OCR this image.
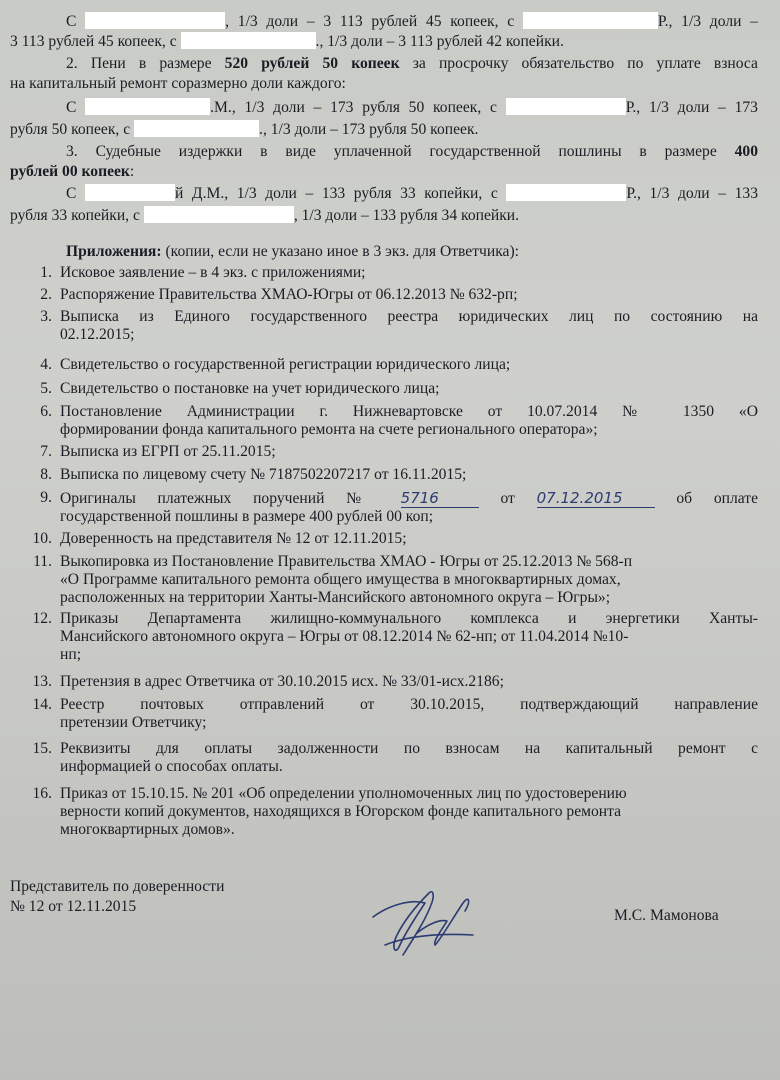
С	, 1/3 доли – 3 113 рублей 45 копеек, с	Р., 1/3 доли –
3 113 рублей 45 копеек, с	., 1/3 доли – 3 113 рублей 42 копейки.
2. Пени в размере 520 рублей 50 копеек за просрочку обязательство по уплате взноса
на капитальный ремонт соразмерно доли каждого:
С	.М., 1/3 доли – 173 рубля 50 копеек, с	Р., 1/3 доли – 173
рубля 50 копеек, с	., 1/3 доли – 173 рубля 50 копеек.
3. Судебные издержки в виде уплаченной государственной пошлины в размере 400
рублей 00 копеек:
С	й Д.М., 1/3 доли – 133 рубля 33 копейки, с	Р., 1/3 доли – 133
рубля 33 копейки, с	, 1/3 доли – 133 рубля 34 копейки.
Приложения: (копии, если не указано иное в 3 экз. для Ответчика):
1. Исковое заявление – в 4 экз. с приложениями;
2. Распоряжение Правительства ХМАО-Югры от 06.12.2013 № 632-рп;
3. Выписка из Единого государственного реестра юридических лиц по состоянию на
02.12.2015;
4. Свидетельство о государственной регистрации юридического лица;
5. Свидетельство о постановке на учет юридического лица;
6. Постановление Администрации г. Нижневартовске от 10.07.2014 № 1350 «О
формировании фонда капитального ремонта на счете регионального оператора»;
7. Выписка из ЕГРП от 25.11.2015;
8. Выписка по лицевому счету № 7187502207217 от 16.11.2015;
9. Оригиналы платежных поручений № 5716	от 07.12.2015	об оплате
государственной пошлины в размере 400 рублей 00 коп;
10. Доверенность на представителя № 12 от 12.11.2015;
11. Выкопировка из Постановление Правительства ХМАО - Югры от 25.12.2013 № 568-п
«О Программе капитального ремонта общего имущества в многоквартирных домах,
расположенных на территории Ханты-Мансийского автономного округа – Югры»;
12. Приказы Департамента жилищно-коммунального комплекса и энергетики Ханты-
Мансийского автономного округа – Югры от 08.12.2014 № 62-нп; от 11.04.2014 №10-
нп;
13. Претензия в адрес Ответчика от 30.10.2015 исх. № 33/01-исх.2186;
14. Реестр почтовых отправлений от 30.10.2015, подтверждающий направление
претензии Ответчику;
15. Реквизиты для оплаты задолженности по взносам на капитальный ремонт с
информацией о способах оплаты.
16. Приказ от 15.10.15. № 201 «Об определении уполномоченных лиц по удостоверению
верности копий документов, находящихся в Югорском фонде капитального ремонта
многоквартирных домов».
Представитель по доверенности
№ 12 от 12.11.2015
М.С. Мамонова
